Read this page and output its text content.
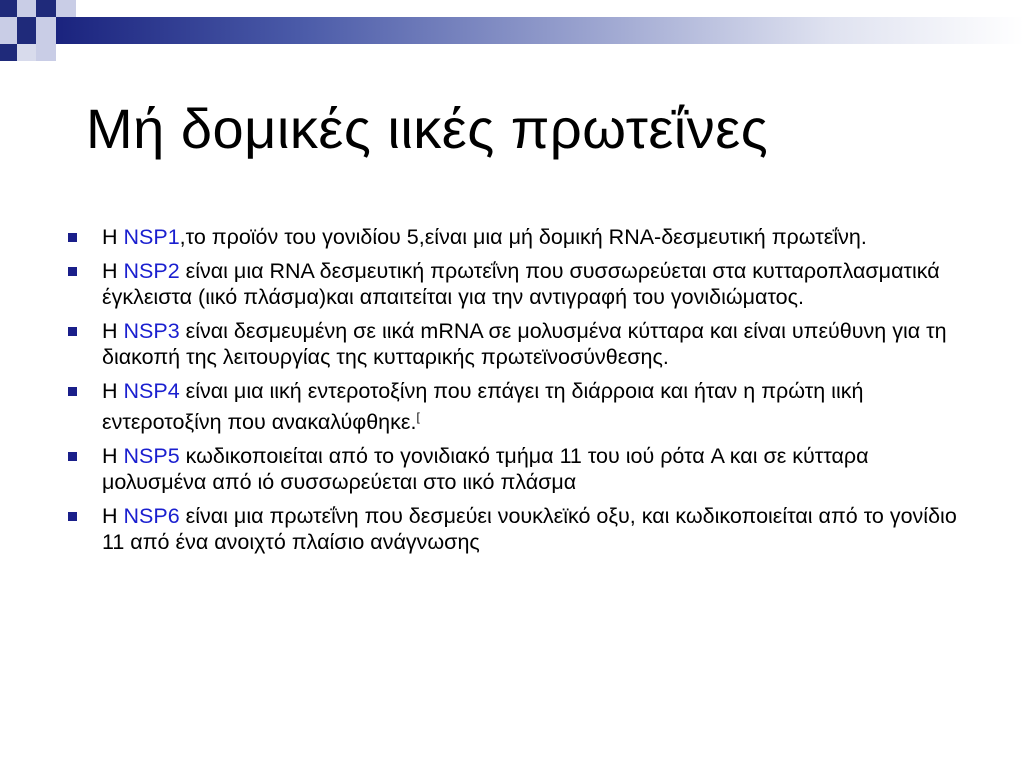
Μή δομικές ιικές πρωτεΐνες
Η NSP1,το προϊόν του γονιδίου 5,είναι μια μή δομική RNA-δεσμευτική πρωτεΐνη.
Η NSP2 είναι μια RNA δεσμευτική πρωτεΐνη που συσσωρεύεται στα κυτταροπλασματικά έγκλειστα (ιικό πλάσμα)και απαιτείται για την αντιγραφή του γονιδιώματος.
Η NSP3 είναι δεσμευμένη σε ιικά mRNA σε μολυσμένα κύτταρα και είναι υπεύθυνη για τη διακοπή της λειτουργίας της κυτταρικής πρωτεϊνοσύνθεσης.
Η NSP4 είναι μια ιική εντεροτοξίνη που επάγει τη διάρροια και ήταν η πρώτη ιική εντεροτοξίνη που ανακαλύφθηκε.[
Η NSP5 κωδικοποιείται από το γονιδιακό τμήμα 11 του ιού ρότα A και σε κύτταρα μολυσμένα από ιό συσσωρεύεται στο ιικό πλάσμα
Η NSP6 είναι μια πρωτεΐνη που δεσμεύει νουκλεϊκό οξυ, και κωδικοποιείται από το γονίδιο 11 από ένα ανοιχτό πλαίσιο ανάγνωσης
